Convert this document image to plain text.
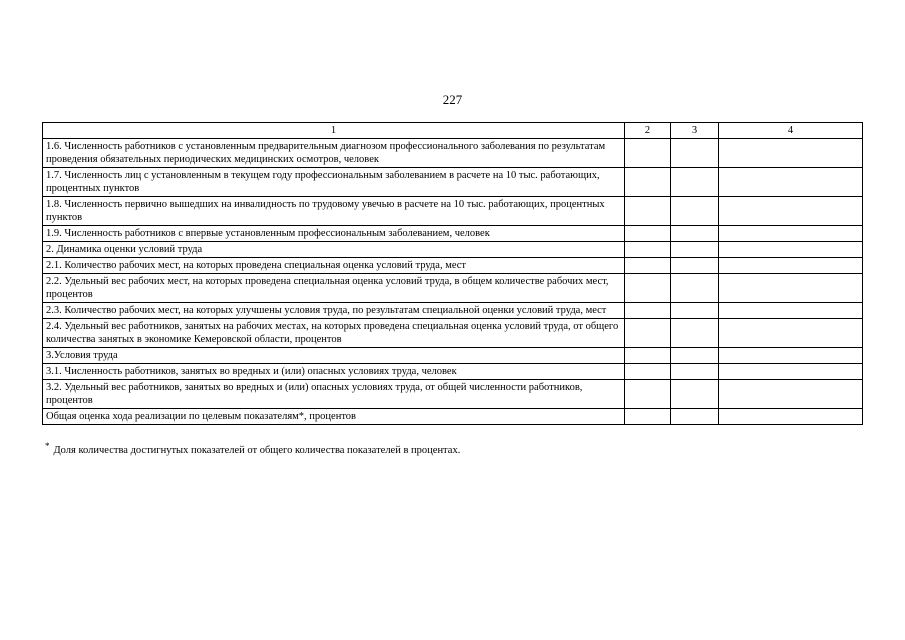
227
1	2	3	4
1.6. Численность работников с установленным предварительным диагнозом профессионального заболевания по результатам проведения обязательных периодических медицинских осмотров, человек			
1.7. Численность лиц с установленным в текущем году профессиональным заболеванием в расчете на 10 тыс. работающих, процентных пунктов			
1.8. Численность первично вышедших на инвалидность по трудовому увечью в расчете на 10 тыс. работающих, процентных пунктов			
1.9. Численность работников с впервые установленным профессиональным заболеванием, человек			
2. Динамика оценки условий труда			
2.1. Количество рабочих мест, на которых проведена специальная оценка условий труда, мест			
2.2. Удельный вес рабочих мест, на которых проведена специальная оценка условий труда, в общем количестве рабочих мест, процентов			
2.3. Количество рабочих мест, на которых улучшены условия труда, по результатам специальной оценки условий труда, мест			
2.4. Удельный вес работников, занятых на рабочих местах, на которых проведена специальная оценка условий труда, от общего количества занятых в экономике Кемеровской области, процентов			
3.Условия труда			
3.1. Численность работников, занятых во вредных и (или) опасных условиях труда, человек			
3.2. Удельный вес работников, занятых во вредных и (или) опасных условиях труда, от общей численности работников, процентов			
Общая оценка хода реализации по целевым показателям*, процентов			
* Доля количества достигнутых показателей от общего количества показателей в процентах.
